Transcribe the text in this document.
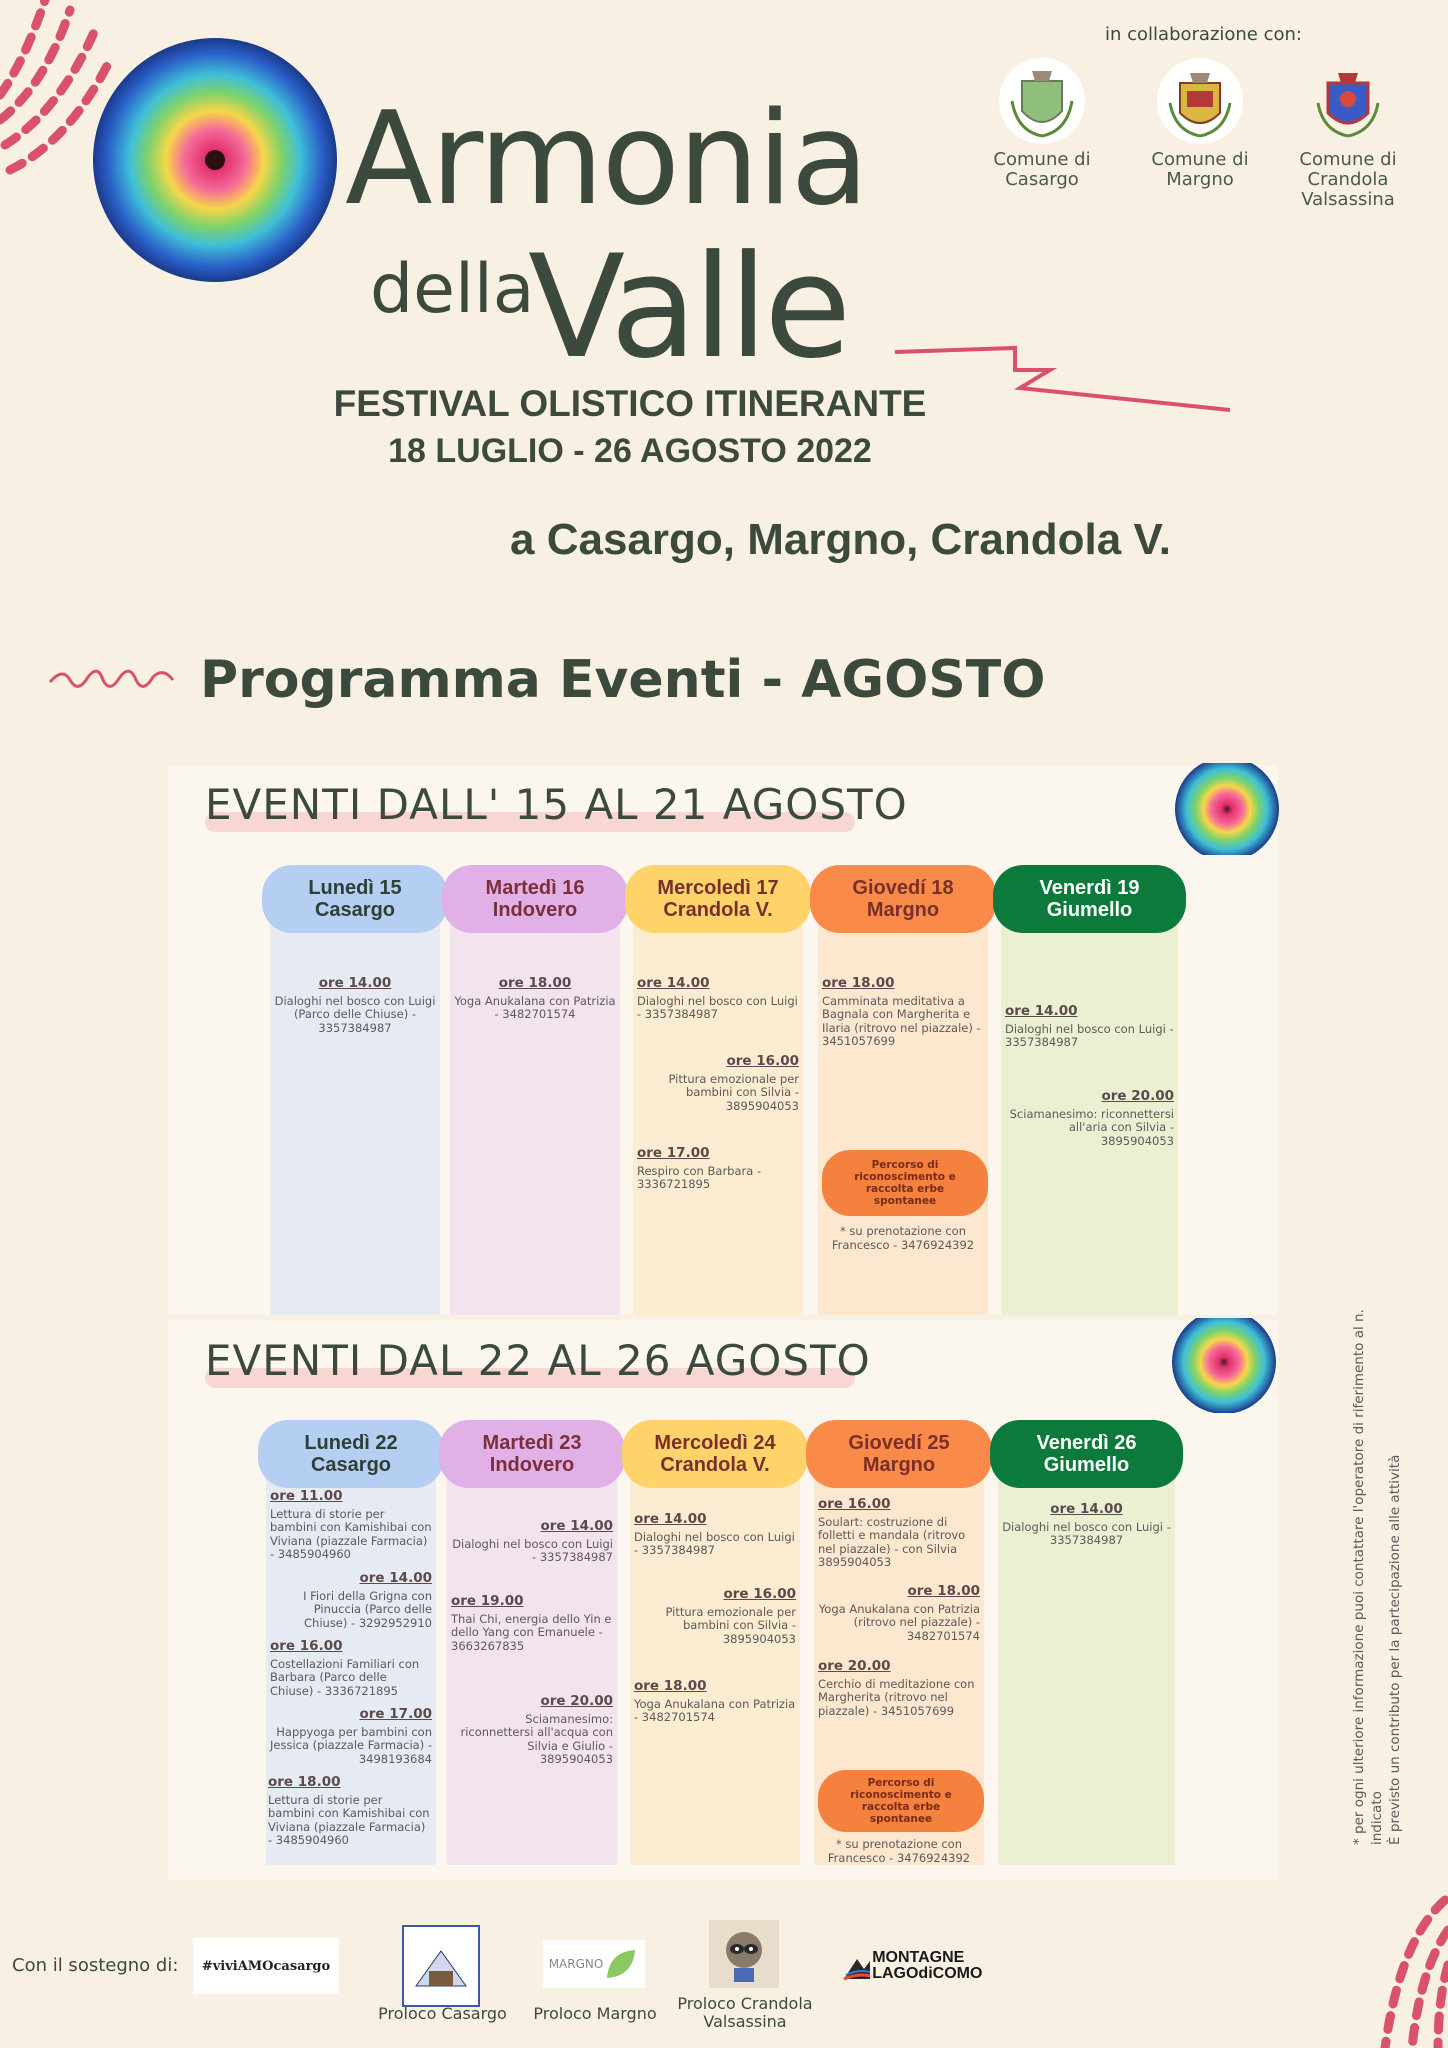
Armonia
della
Valle
FESTIVAL OLISTICO ITINERANTE
18 LUGLIO - 26 AGOSTO 2022
a Casargo, Margno, Crandola V.
in collaborazione con:
Comune di
Casargo
Comune di
Margno
Comune di
Crandola
Valsassina
Programma Eventi - AGOSTO
EVENTI DALL' 15 AL 21 AGOSTO
Lunedì 15
Casargo
ore 14.00
Dialoghi nel bosco con Luigi (Parco delle Chiuse) - 3357384987
Martedì 16
Indovero
ore 18.00
Yoga Anukalana con Patrizia - 3482701574
Mercoledì 17
Crandola V.
ore 14.00
Dialoghi nel bosco con Luigi - 3357384987
ore 16.00
Pittura emozionale per bambini con Silvia - 3895904053
ore 17.00
Respiro con Barbara - 3336721895
Giovedí 18
Margno
ore 18.00
Camminata meditativa a Bagnala con Margherita e Ilaria (ritrovo nel piazzale) - 3451057699
Percorso di riconoscimento e raccolta erbe spontanee
* su prenotazione con Francesco - 3476924392
Venerdì 19
Giumello
ore 14.00
Dialoghi nel bosco con Luigi - 3357384987
ore 20.00
Sciamanesimo: riconnettersi all'aria con Silvia - 3895904053
EVENTI DAL 22 AL 26 AGOSTO
Lunedì 22
Casargo
ore 11.00
Lettura di storie per bambini con Kamishibai con Viviana (piazzale Farmacia) - 3485904960
ore 14.00
I Fiori della Grigna con Pinuccia (Parco delle Chiuse) - 3292952910
ore 16.00
Costellazioni Familiari con Barbara (Parco delle Chiuse) - 3336721895
ore 17.00
Happyoga per bambini con Jessica (piazzale Farmacia) - 3498193684
ore 18.00
Lettura di storie per bambini con Kamishibai con Viviana (piazzale Farmacia) - 3485904960
Martedì 23
Indovero
ore 14.00
Dialoghi nel bosco con Luigi - 3357384987
ore 19.00
Thai Chi, energia dello Yin e dello Yang con Emanuele - 3663267835
ore 20.00
Sciamanesimo: riconnettersi all'acqua con Silvia e Giulio - 3895904053
Mercoledì 24
Crandola V.
ore 14.00
Dialoghi nel bosco con Luigi - 3357384987
ore 16.00
Pittura emozionale per bambini con Silvia - 3895904053
ore 18.00
Yoga Anukalana con Patrizia - 3482701574
Giovedí 25
Margno
ore 16.00
Soulart: costruzione di folletti e mandala (ritrovo nel piazzale) - con Silvia 3895904053
ore 18.00
Yoga Anukalana con Patrizia (ritrovo nel piazzale) - 3482701574
ore 20.00
Cerchio di meditazione con Margherita (ritrovo nel piazzale) - 3451057699
Percorso di riconoscimento e raccolta erbe spontanee
* su prenotazione con Francesco - 3476924392
Venerdì 26
Giumello
ore 14.00
Dialoghi nel bosco con Luigi - 3357384987	* per ogni ulteriore informazione puoi contattare l'operatore di riferimento al n. indicato È previsto un contributo per la partecipazione alle attività
Con il sostegno di: #viviAMOcasargo
Proloco Casargo
MARGNO
Proloco Margno
Proloco Crandola Valsassina
MONTAGNE LAGOdiCOMO
